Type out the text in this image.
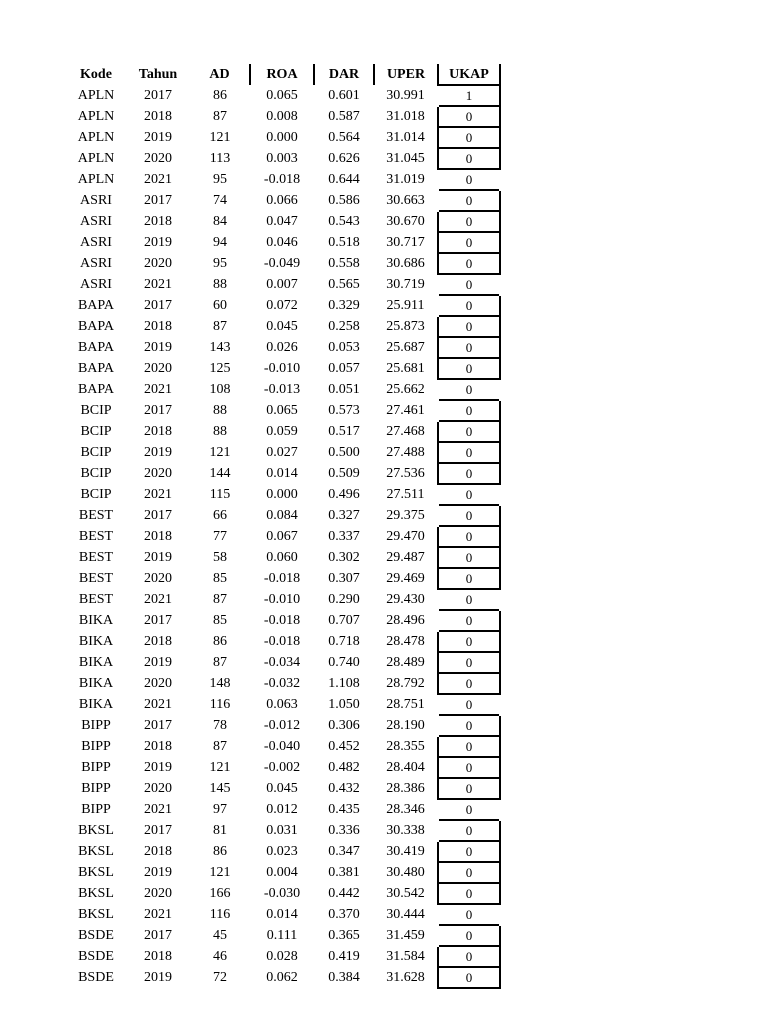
Kode	Tahun	AD	ROA	DAR	UPER	UKAP
APLN	2017	86	0.065	0.601	30.991	1
APLN	2018	87	0.008	0.587	31.018	0
APLN	2019	121	0.000	0.564	31.014	0
APLN	2020	113	0.003	0.626	31.045	0
APLN	2021	95	-0.018	0.644	31.019	0
ASRI	2017	74	0.066	0.586	30.663	0
ASRI	2018	84	0.047	0.543	30.670	0
ASRI	2019	94	0.046	0.518	30.717	0
ASRI	2020	95	-0.049	0.558	30.686	0
ASRI	2021	88	0.007	0.565	30.719	0
BAPA	2017	60	0.072	0.329	25.911	0
BAPA	2018	87	0.045	0.258	25.873	0
BAPA	2019	143	0.026	0.053	25.687	0
BAPA	2020	125	-0.010	0.057	25.681	0
BAPA	2021	108	-0.013	0.051	25.662	0
BCIP	2017	88	0.065	0.573	27.461	0
BCIP	2018	88	0.059	0.517	27.468	0
BCIP	2019	121	0.027	0.500	27.488	0
BCIP	2020	144	0.014	0.509	27.536	0
BCIP	2021	115	0.000	0.496	27.511	0
BEST	2017	66	0.084	0.327	29.375	0
BEST	2018	77	0.067	0.337	29.470	0
BEST	2019	58	0.060	0.302	29.487	0
BEST	2020	85	-0.018	0.307	29.469	0
BEST	2021	87	-0.010	0.290	29.430	0
BIKA	2017	85	-0.018	0.707	28.496	0
BIKA	2018	86	-0.018	0.718	28.478	0
BIKA	2019	87	-0.034	0.740	28.489	0
BIKA	2020	148	-0.032	1.108	28.792	0
BIKA	2021	116	0.063	1.050	28.751	0
BIPP	2017	78	-0.012	0.306	28.190	0
BIPP	2018	87	-0.040	0.452	28.355	0
BIPP	2019	121	-0.002	0.482	28.404	0
BIPP	2020	145	0.045	0.432	28.386	0
BIPP	2021	97	0.012	0.435	28.346	0
BKSL	2017	81	0.031	0.336	30.338	0
BKSL	2018	86	0.023	0.347	30.419	0
BKSL	2019	121	0.004	0.381	30.480	0
BKSL	2020	166	-0.030	0.442	30.542	0
BKSL	2021	116	0.014	0.370	30.444	0
BSDE	2017	45	0.111	0.365	31.459	0
BSDE	2018	46	0.028	0.419	31.584	0
BSDE	2019	72	0.062	0.384	31.628	0
